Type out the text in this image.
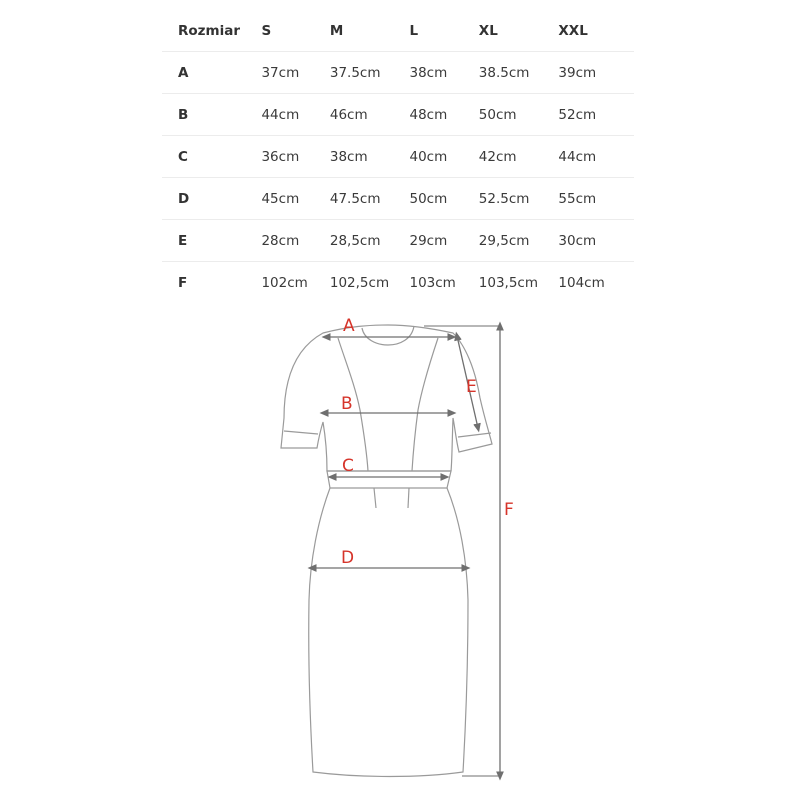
Rozmiar	S	M	L	XL	XXL
A	37cm	37.5cm	38cm	38.5cm	39cm
B	44cm	46cm	48cm	50cm	52cm
C	36cm	38cm	40cm	42cm	44cm
D	45cm	47.5cm	50cm	52.5cm	55cm
E	28cm	28,5cm	29cm	29,5cm	30cm
F	102cm	102,5cm	103cm	103,5cm	104cm
A
B
C
D
E
F
